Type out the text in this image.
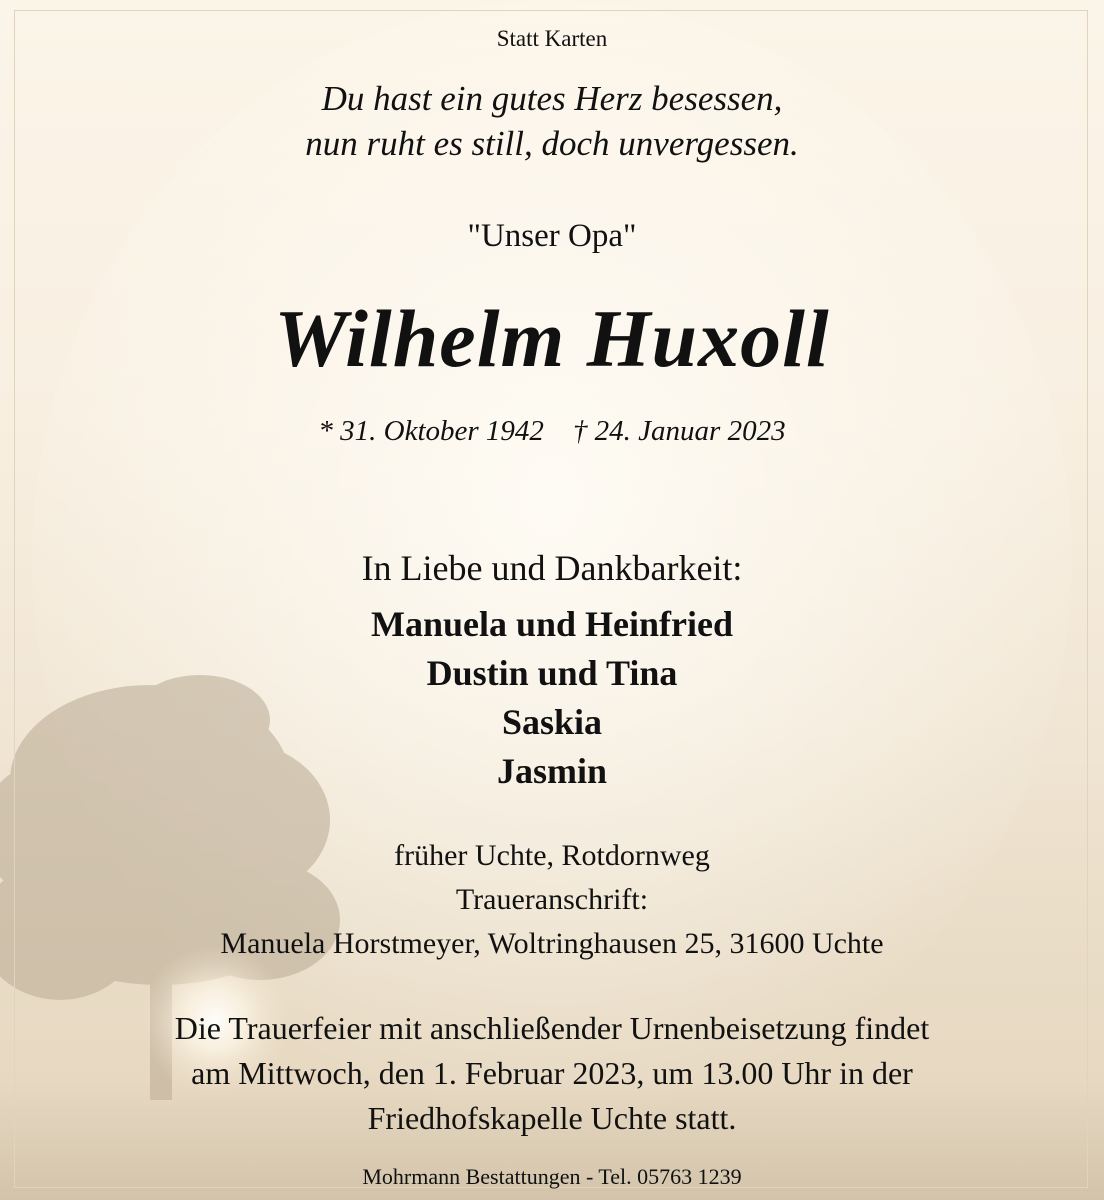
Statt Karten
Du hast ein gutes Herz besessen,
nun ruht es still, doch unvergessen.
"Unser Opa"
Wilhelm Huxoll
* 31. Oktober 1942    † 24. Januar 2023
In Liebe und Dankbarkeit:
Manuela und Heinfried
Dustin und Tina
Saskia
Jasmin
früher Uchte, Rotdornweg
Traueranschrift:
Manuela Horstmeyer, Woltringhausen 25, 31600 Uchte
Die Trauerfeier mit anschließender Urnenbeisetzung findet
am Mittwoch, den 1. Februar 2023, um 13.00 Uhr in der
Friedhofskapelle Uchte statt.
Mohrmann Bestattungen - Tel. 05763 1239
